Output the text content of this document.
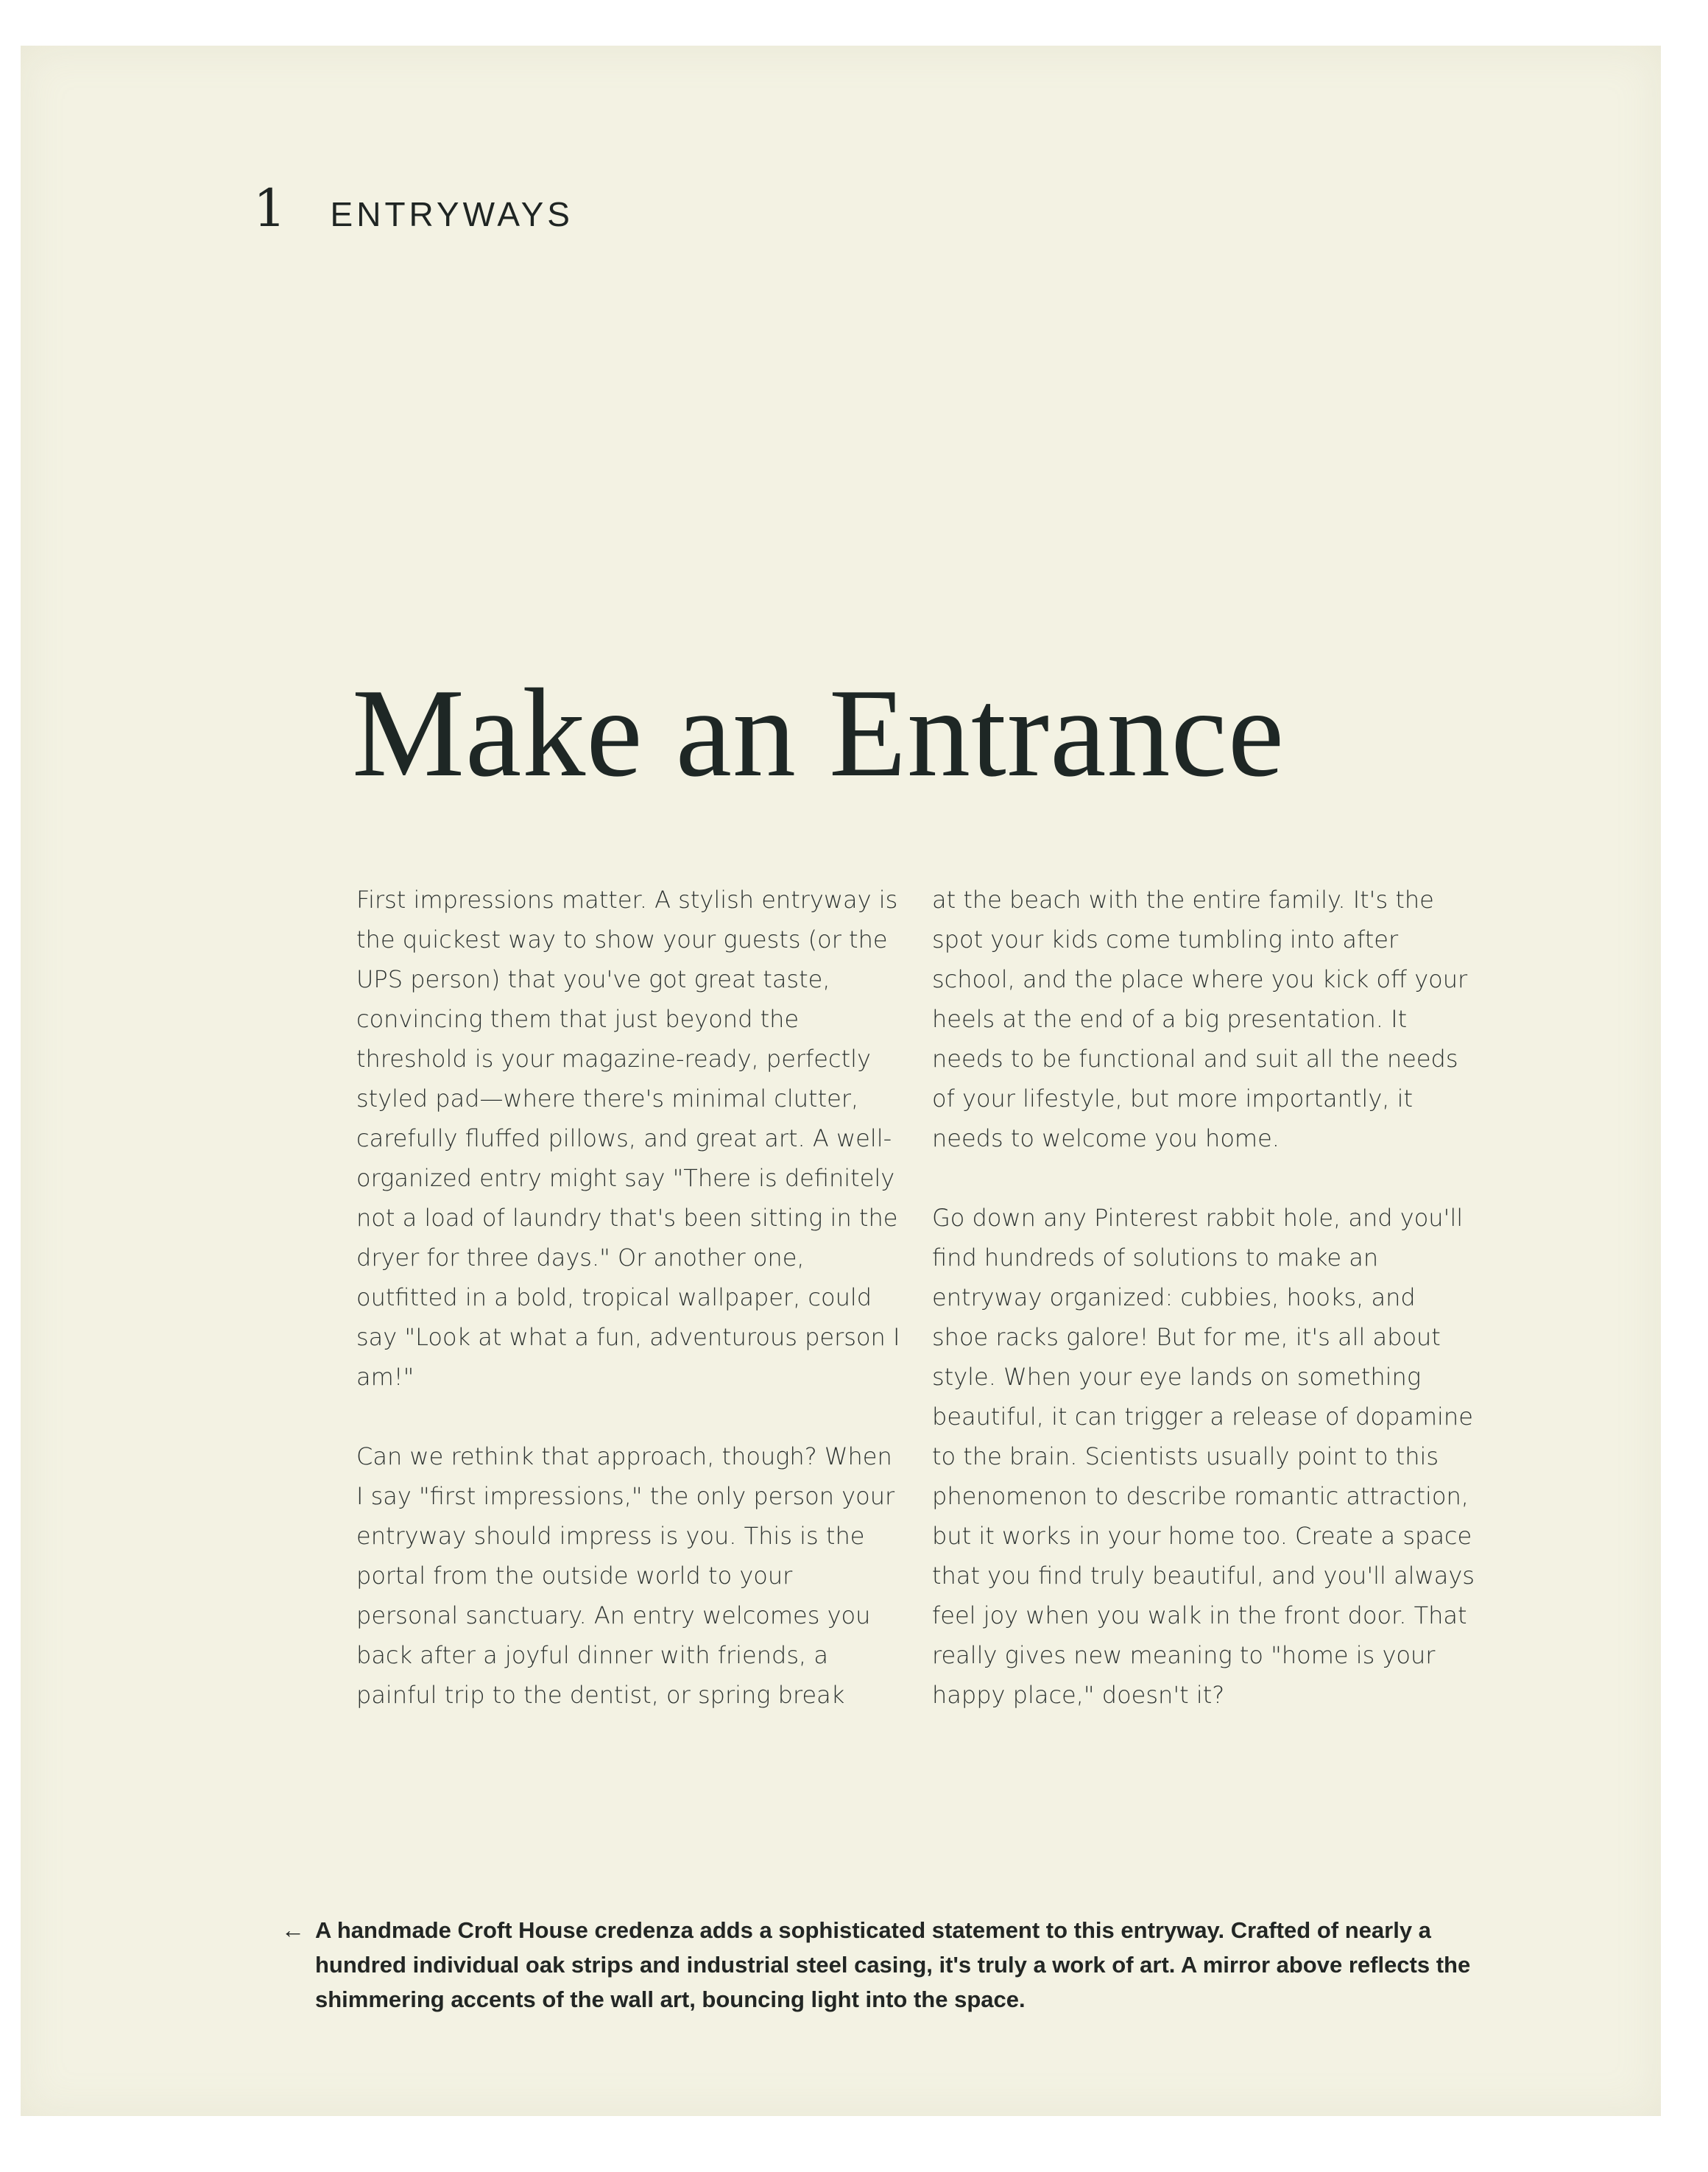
1 ENTRYWAYS
Make an Entrance

First impressions matter. A stylish entryway is the quickest way to show your guests (or the UPS person) that you've got great taste, convincing them that just beyond the threshold is your magazine-ready, perfectly styled pad—where there's minimal clutter, carefully fluffed pillows, and great art. A well-organized entry might say "There is definitely not a load of laundry that's been sitting in the dryer for three days." Or another one, outfitted in a bold, tropical wallpaper, could say "Look at what a fun, adventurous person I am!"

Can we rethink that approach, though? When I say "first impressions," the only person your entryway should impress is you. This is the portal from the outside world to your personal sanctuary. An entry welcomes you back after a joyful dinner with friends, a painful trip to the dentist, or spring break

at the beach with the entire family. It's the spot your kids come tumbling into after school, and the place where you kick off your heels at the end of a big presentation. It needs to be functional and suit all the needs of your lifestyle, but more importantly, it needs to welcome you home.

Go down any Pinterest rabbit hole, and you'll find hundreds of solutions to make an entryway organized: cubbies, hooks, and shoe racks galore! But for me, it's all about style. When your eye lands on something beautiful, it can trigger a release of dopamine to the brain. Scientists usually point to this phenomenon to describe romantic attraction, but it works in your home too. Create a space that you find truly beautiful, and you'll always feel joy when you walk in the front door. That really gives new meaning to "home is your happy place," doesn't it?

← A handmade Croft House credenza adds a sophisticated statement to this entryway. Crafted of nearly a hundred individual oak strips and industrial steel casing, it's truly a work of art. A mirror above reflects the shimmering accents of the wall art, bouncing light into the space.
